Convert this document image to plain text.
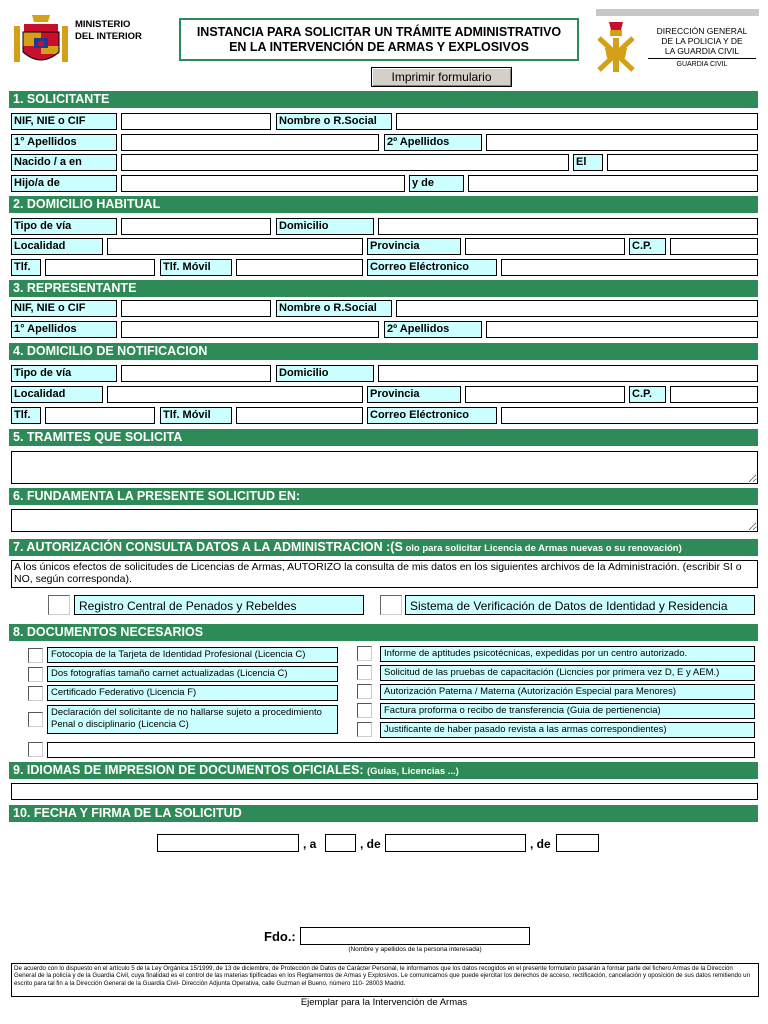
MINISTERIO
DEL INTERIOR	INSTANCIA PARA SOLICITAR UN TRÁMITE ADMINISTRATIVO
EN LA INTERVENCIÓN DE ARMAS Y EXPLOSIVOS
DIRECCIÓN GENERAL
DE LA POLICIA Y DE
LA GUARDIA CIVIL
GUARDIA CIVIL
Imprimir formulario
1. SOLICITANTE
NIF, NIE o CIF	Nombre o R.Social
1° Apellidos	2º Apellidos
Nacido / a en	El
Hijo/a de	y de
2. DOMICILIO HABITUAL
Tipo de vía	Domicilio
Localidad	Provincia	C.P.
Tlf.	Tlf. Móvil	Correo Eléctronico
3. REPRESENTANTE
NIF, NIE o CIF	Nombre o R.Social
1° Apellidos	2º Apellidos
4. DOMICILIO DE NOTIFICACION
Tipo de vía	Domicilio
Localidad	Provincia	C.P.
Tlf.	Tlf. Móvil	Correo Eléctronico
5. TRAMITES QUE SOLICITA
6. FUNDAMENTA LA PRESENTE SOLICITUD EN:
7. AUTORIZACIÓN CONSULTA DATOS A LA ADMINISTRACION :(S olo para solicitar Licencia de Armas nuevas o su renovación)
A los únicos efectos de solicitudes de Licencias de Armas, AUTORIZO la consulta de mis datos en los siguientes archivos de la Administración. (escribir SI o NO, según corresponda).
Registro Central de Penados y Rebeldes	Sistema de Verificación de Datos de Identidad y Residencia
8. DOCUMENTOS NECESARIOS
Fotocopia de la Tarjeta de Identidad Profesional (Licencia C)
Dos fotografías tamaño carnet actualizadas (Licencia C)
Certificado Federativo (Licencia F)
Declaración del solicitante de no hallarse sujeto a procedimiento Penal o disciplinario (Licencia C)
Informe de aptitudes psicotécnicas, expedidas por un centro autorizado.
Solicitud de las pruebas de capacitación (Licncies por primera vez D, E y AEM.)
Autorización Paterna / Materna (Autorización Especial para Menores)
Factura proforma o recibo de transferencia (Guia de pertienencia)
Justificante de haber pasado revista a las armas correspondientes)
9. IDIOMAS DE IMPRESION DE DOCUMENTOS OFICIALES: (Guias, Licencias ...)
10. FECHA Y FIRMA DE LA SOLICITUD
, a	, de	, de
Fdo.:
(Nombre y apellidos de la persona interesada)
De acuerdo con lo dispuesto en el artículo 5 de la Ley Orgánica 15/1999, de 13 de diciembre, de Protección de Datos de Carácter Personal, le informamos que los datos recogidos en el presente formulario pasarán a formar parte del fichero Armas de la Dirección General de la policía y de la Guardia Civil, cuya finalidad es el control de las materias tipificadas en los Reglamentos de Armas y Explosivos. Le comunicamos que puede ejercitar los derechos de acceso, rectificación, cancelación y oposición de sus datos remitiendo un escrito para tal fin a la Dirección General de la Guardia Civil- Dirección Adjunta Operativa, calle Guzman el Bueno, número 110- 28003 Madrid.
Ejemplar para la Intervención de Armas
